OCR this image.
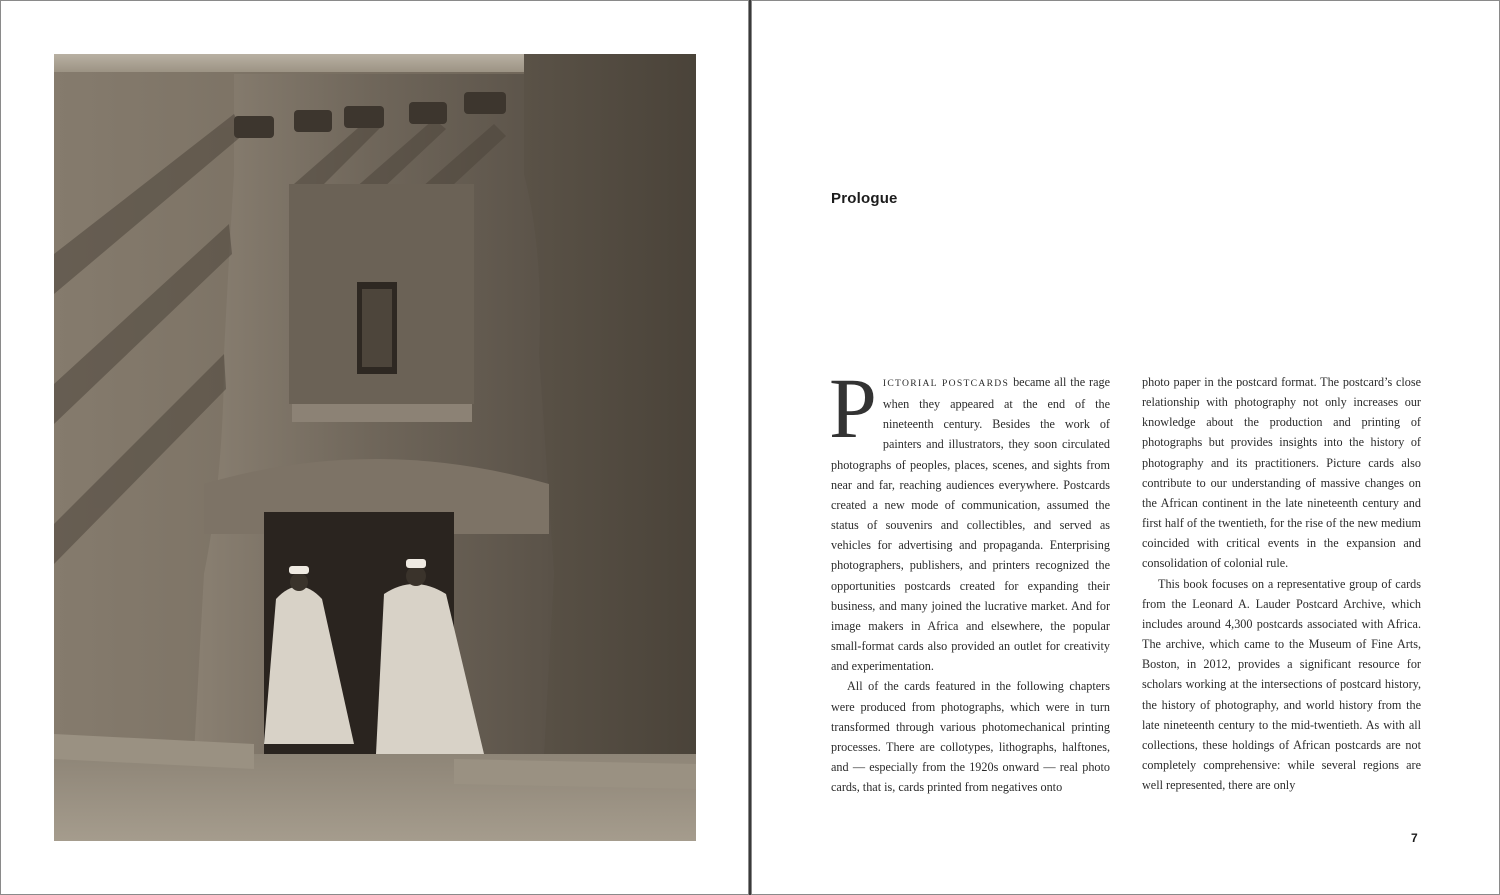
Prologue

PICTORIAL POSTCARDS became all the rage when they appeared at the end of the nineteenth century. Besides the work of painters and illustrators, they soon circulated photographs of peoples, places, scenes, and sights from near and far, reaching audiences everywhere. Postcards created a new mode of communication, assumed the status of souvenirs and collectibles, and served as vehicles for advertising and propaganda. Enterprising photographers, publishers, and printers recognized the opportunities postcards created for expanding their business, and many joined the lucrative market. And for image makers in Africa and elsewhere, the popular small-format cards also provided an outlet for creativity and experimentation.

All of the cards featured in the following chapters were produced from photographs, which were in turn transformed through various photomechanical printing processes. There are collotypes, lithographs, halftones, and — especially from the 1920s onward — real photo cards, that is, cards printed from negatives onto

photo paper in the postcard format. The postcard’s close relationship with photography not only increases our knowledge about the production and printing of photographs but provides insights into the history of photography and its practitioners. Picture cards also contribute to our understanding of massive changes on the African continent in the late nineteenth century and first half of the twentieth, for the rise of the new medium coincided with critical events in the expansion and consolidation of colonial rule.

This book focuses on a representative group of cards from the Leonard A. Lauder Postcard Archive, which includes around 4,300 postcards associated with Africa. The archive, which came to the Museum of Fine Arts, Boston, in 2012, provides a significant resource for scholars working at the intersections of postcard history, the history of photography, and world history from the late nineteenth century to the mid-twentieth. As with all collections, these holdings of African postcards are not completely comprehensive: while several regions are well represented, there are only

7
